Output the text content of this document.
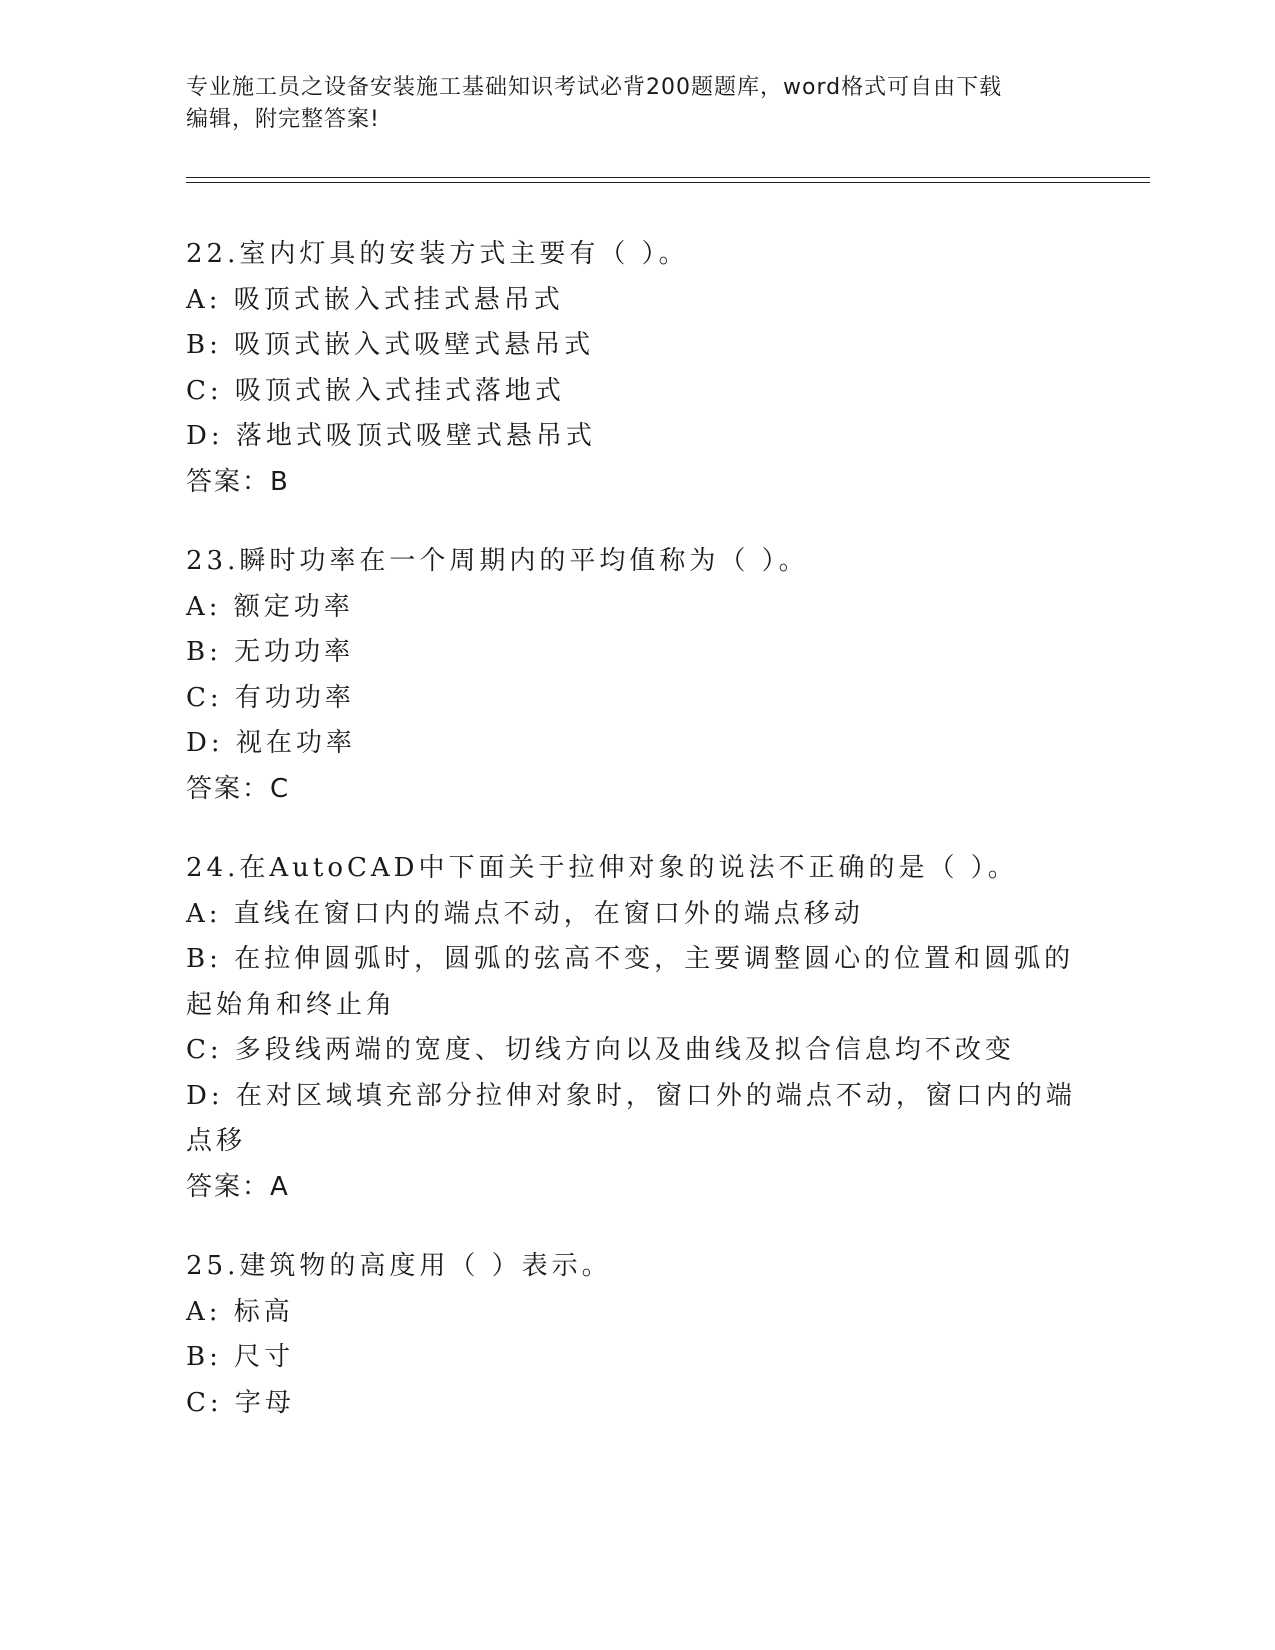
专业施工员之设备安装施工基础知识考试必背200题题库，word格式可自由下载
编辑，附完整答案!
22.室内灯具的安装方式主要有（ ）。
A: 吸顶式嵌入式挂式悬吊式
B: 吸顶式嵌入式吸壁式悬吊式
C: 吸顶式嵌入式挂式落地式
D: 落地式吸顶式吸壁式悬吊式
答案：B
23.瞬时功率在一个周期内的平均值称为（ ）。
A: 额定功率
B: 无功功率
C: 有功功率
D: 视在功率
答案：C
24.在AutoCAD中下面关于拉伸对象的说法不正确的是（ ）。
A: 直线在窗口内的端点不动，在窗口外的端点移动
B: 在拉伸圆弧时，圆弧的弦高不变，主要调整圆心的位置和圆弧的起始角和终止角
C: 多段线两端的宽度、切线方向以及曲线及拟合信息均不改变
D: 在对区域填充部分拉伸对象时，窗口外的端点不动，窗口内的端点移
答案：A
25.建筑物的高度用（ ）表示。
A: 标高
B: 尺寸
C: 字母
